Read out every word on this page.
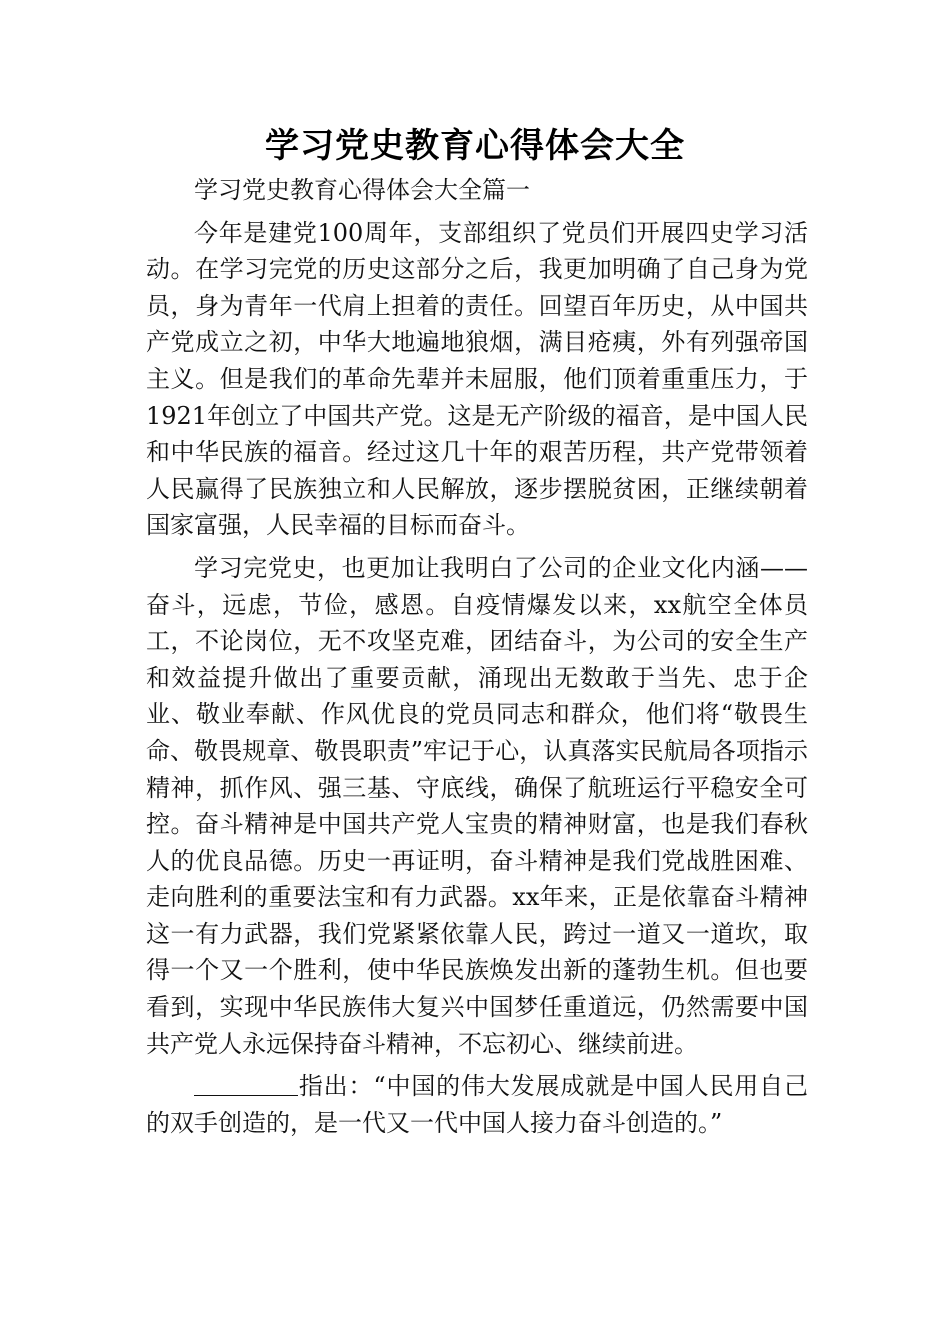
学习党史教育心得体会大全

学习党史教育心得体会大全篇一

今年是建党100周年，支部组织了党员们开展四史学习活动。在学习完党的历史这部分之后，我更加明确了自己身为党员，身为青年一代肩上担着的责任。回望百年历史，从中国共产党成立之初，中华大地遍地狼烟，满目疮痍，外有列强帝国主义。但是我们的革命先辈并未屈服，他们顶着重重压力，于1921年创立了中国共产党。这是无产阶级的福音，是中国人民和中华民族的福音。经过这几十年的艰苦历程，共产党带领着人民赢得了民族独立和人民解放，逐步摆脱贫困，正继续朝着国家富强，人民幸福的目标而奋斗。

学习完党史，也更加让我明白了公司的企业文化内涵——奋斗，远虑，节俭，感恩。自疫情爆发以来，xx航空全体员工，不论岗位，无不攻坚克难，团结奋斗，为公司的安全生产和效益提升做出了重要贡献，涌现出无数敢于当先、忠于企业、敬业奉献、作风优良的党员同志和群众，他们将“敬畏生命、敬畏规章、敬畏职责”牢记于心，认真落实民航局各项指示精神，抓作风、强三基、守底线，确保了航班运行平稳安全可控。奋斗精神是中国共产党人宝贵的精神财富，也是我们春秋人的优良品德。历史一再证明，奋斗精神是我们党战胜困难、走向胜利的重要法宝和有力武器。xx年来，正是依靠奋斗精神这一有力武器，我们党紧紧依靠人民，跨过一道又一道坎，取得一个又一个胜利，使中华民族焕发出新的蓬勃生机。但也要看到，实现中华民族伟大复兴中国梦任重道远，仍然需要中国共产党人永远保持奋斗精神，不忘初心、继续前进。

指出：“中国的伟大发展成就是中国人民用自己的双手创造的，是一代又一代中国人接力奋斗创造的。”
